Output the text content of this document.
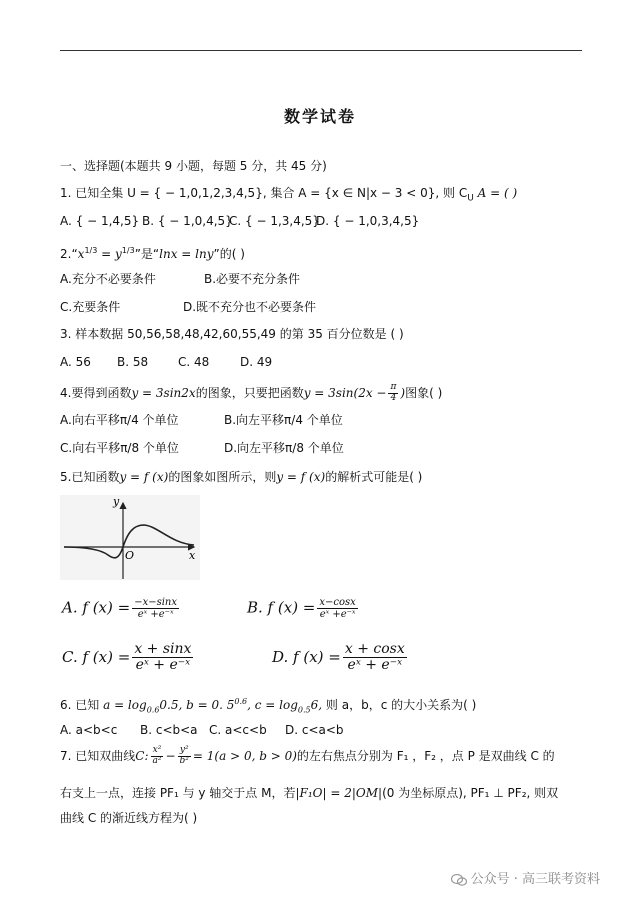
数学试卷
一、选择题(本题共 9 小题，每题 5 分，共 45 分)
1. 已知全集 U = { − 1,0,1,2,3,4,5}, 集合 A = {x ∈ N|x − 3 < 0}, 则 $C_U$ A = ( )
A. { − 1,4,5} B. { − 1,0,4,5}
C. { − 1,3,4,5}
D. { − 1,0,3,4,5}
$2.“x^{1/3} = y^{1/3}$”是“lnx = lny”的( )
A.充分不必要条件	B.必要不充分条件
C.充要条件	D.既不充分也不必要条件
3. 样本数据 50,56,58,48,42,60,55,49 的第 35 百分位数是 ( )
A. 56 B. 58 C. 48	D. 49
4.要得到函数y = 3sin2x的图象，只要把函数$y = 3\sin(2x - \frac{\pi}{4}$ )图象( )
A.向右平移π/4 个单位	B.向左平移π/4 个单位
C.向右平移π/8 个单位	D.向左平移π/8 个单位
5.已知函数y = f (x)的图象如图所示，则y = f (x)的解析式可能是( )
y
x
O
A. f $(x) = \frac{-x-\sin x}{\text{eˣ +e⁻ˣ}}$	B. f $(x) = \frac{x-\cos x}{\text{eˣ +e⁻ˣ}}$
C. f $(x) = \frac{x + \sin x}{\text{eˣ + e⁻ˣ}}$	D. f $(x) = \frac{x + \cos x}{\text{eˣ + e⁻ˣ}}$
6. 已知 $a = \log_{0.6}0.5$, b = 0. $5^{0.6}$, $c = \log_{0.5}6$, 则 a，b，c 的大小关系为( )
A. a<b<c B. c<b<a C. a<c<b D. c<a<b
7. 已知双曲线C: $\frac{\text{x²}}{\text{a²}} - \frac{\text{y²}}{\text{b²}} = 1(a > 0$, b > 0)的左右焦点分别为 F₁ ，F₂ ，点 P 是双曲线 C 的
右支上一点，连接 PF₁ 与 y 轴交于点 M，若|F₁O| = 2|OM|(0 为坐标原点), PF₁ ⊥ PF₂, 则双
曲线 C 的渐近线方程为( )
公众号 · 高三联考资料
